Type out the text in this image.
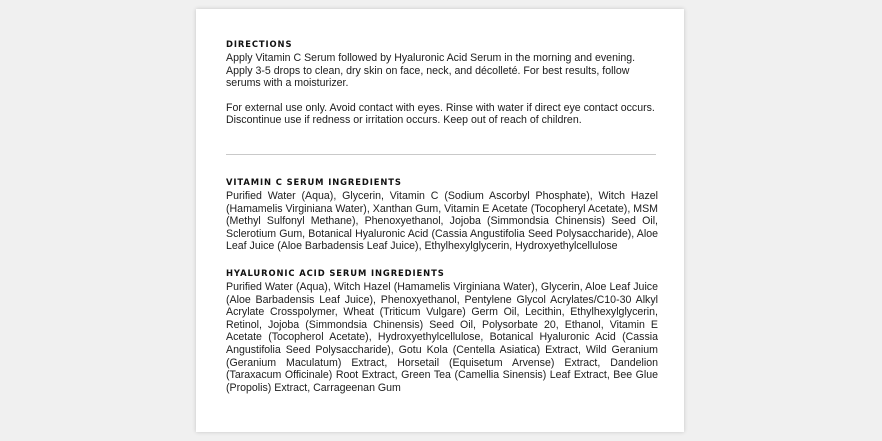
DIRECTIONS

Apply Vitamin C Serum followed by Hyaluronic Acid Serum in the morning and evening. Apply 3-5 drops to clean, dry skin on face, neck, and décolleté. For best results, follow serums with a moisturizer.

For external use only. Avoid contact with eyes. Rinse with water if direct eye contact occurs. Discontinue use if redness or irritation occurs. Keep out of reach of children.

VITAMIN C SERUM INGREDIENTS

Purified Water (Aqua), Glycerin, Vitamin C (Sodium Ascorbyl Phosphate), Witch Hazel (Hamamelis Virginiana Water), Xanthan Gum, Vitamin E Acetate (Tocopheryl Acetate), MSM (Methyl Sulfonyl Methane), Phenoxyethanol, Jojoba (Simmondsia Chinensis) Seed Oil, Sclerotium Gum, Botanical Hyaluronic Acid (Cassia Angustifolia Seed Polysaccharide), Aloe Leaf Juice (Aloe Barbadensis Leaf Juice), Ethylhexylglycerin, Hydroxyethylcellulose

HYALURONIC ACID SERUM INGREDIENTS

Purified Water (Aqua), Witch Hazel (Hamamelis Virginiana Water), Glycerin, Aloe Leaf Juice (Aloe Barbadensis Leaf Juice), Phenoxyethanol, Pentylene Glycol Acrylates/C10-30 Alkyl Acrylate Crosspolymer, Wheat (Triticum Vulgare) Germ Oil, Lecithin, Ethylhexylglycerin, Retinol, Jojoba (Simmondsia Chinensis) Seed Oil, Polysorbate 20, Ethanol, Vitamin E Acetate (Tocopherol Acetate), Hydroxyethylcellulose, Botanical Hyaluronic Acid (Cassia Angustifolia Seed Polysaccharide), Gotu Kola (Centella Asiatica) Extract, Wild Geranium (Geranium Maculatum) Extract, Horsetail (Equisetum Arvense) Extract, Dandelion (Taraxacum Officinale) Root Extract, Green Tea (Camellia Sinensis) Leaf Extract, Bee Glue (Propolis) Extract, Carrageenan Gum
